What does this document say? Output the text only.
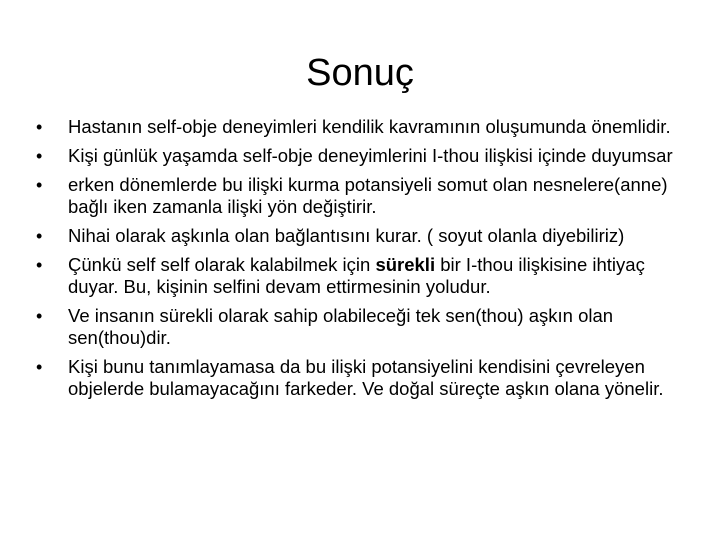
Sonuç
•	Hastanın self-obje deneyimleri kendilik kavramının oluşumunda önemlidir.
•	Kişi günlük yaşamda self-obje deneyimlerini I-thou ilişkisi içinde duyumsar
•	erken dönemlerde bu ilişki kurma potansiyeli somut olan nesnelere(anne) bağlı iken zamanla ilişki yön değiştirir.
•	Nihai olarak aşkınla olan bağlantısını kurar. ( soyut olanla diyebiliriz)
•	Çünkü self self olarak kalabilmek için sürekli bir I-thou ilişkisine ihtiyaç duyar. Bu, kişinin selfini devam ettirmesinin yoludur.
•	Ve insanın sürekli olarak sahip olabileceği tek sen(thou) aşkın olan sen(thou)dir.
•	Kişi bunu tanımlayamasa da bu ilişki potansiyelini kendisini çevreleyen objelerde bulamayacağını farkeder. Ve doğal süreçte aşkın olana yönelir.
